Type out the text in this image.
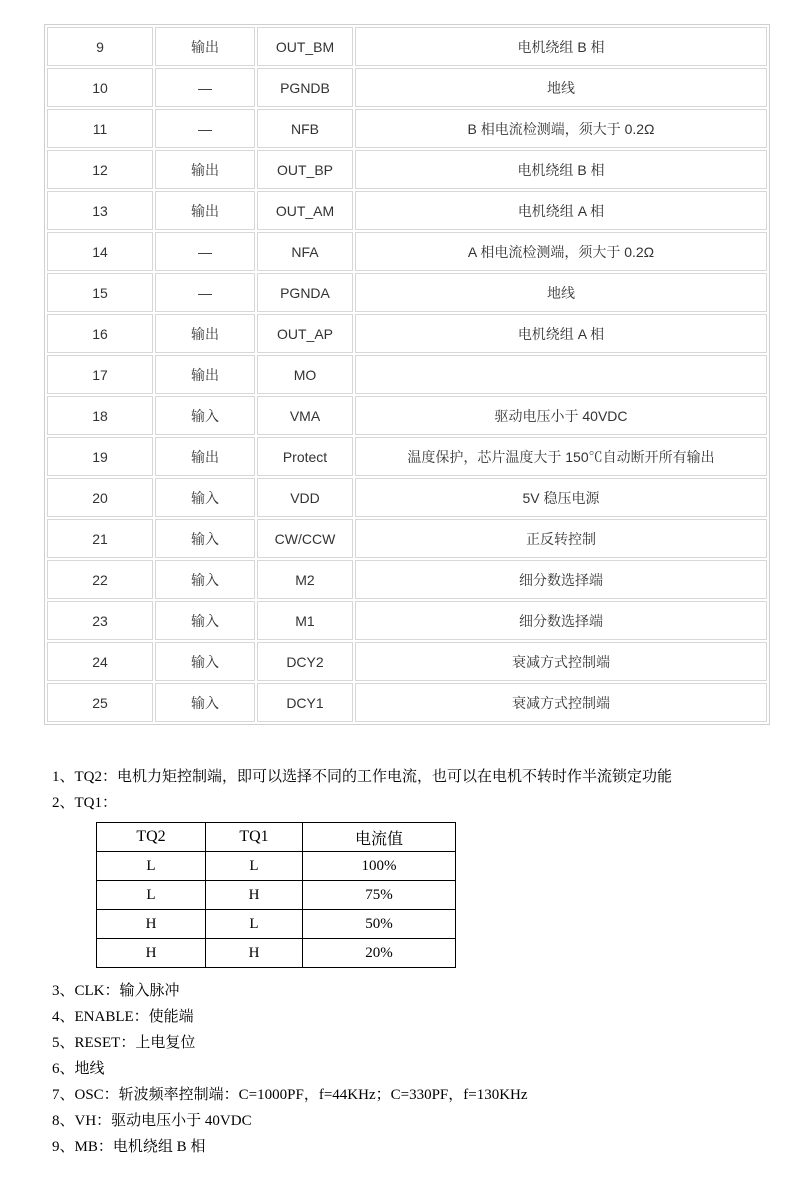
9	输出	OUT_BM	电机绕组 B 相
10	—	PGNDB	地线
11	—	NFB	B 相电流检测端，须大于 0.2Ω
12	输出	OUT_BP	电机绕组 B 相
13	输出	OUT_AM	电机绕组 A 相
14	—	NFA	A 相电流检测端，须大于 0.2Ω
15	—	PGNDA	地线
16	输出	OUT_AP	电机绕组 A 相
17	输出	MO	
18	输入	VMA	驱动电压小于 40VDC
19	输出	Protect	温度保护，芯片温度大于 150℃自动断开所有输出
20	输入	VDD	5V 稳压电源
21	输入	CW/CCW	正反转控制
22	输入	M2	细分数选择端
23	输入	M1	细分数选择端
24	输入	DCY2	衰减方式控制端
25	输入	DCY1	衰减方式控制端

1、TQ2：电机力矩控制端，即可以选择不同的工作电流，也可以在电机不转时作半流锁定功能

2、TQ1：

TQ2	TQ1	电流值
L	L	100%
L	H	75%
H	L	50%
H	H	20%

3、CLK：输入脉冲

4、ENABLE：使能端

5、RESET：上电复位

6、地线

7、OSC：斩波频率控制端：C=1000PF，f=44KHz；C=330PF，f=130KHz

8、VH：驱动电压小于 40VDC

9、MB：电机绕组 B 相
